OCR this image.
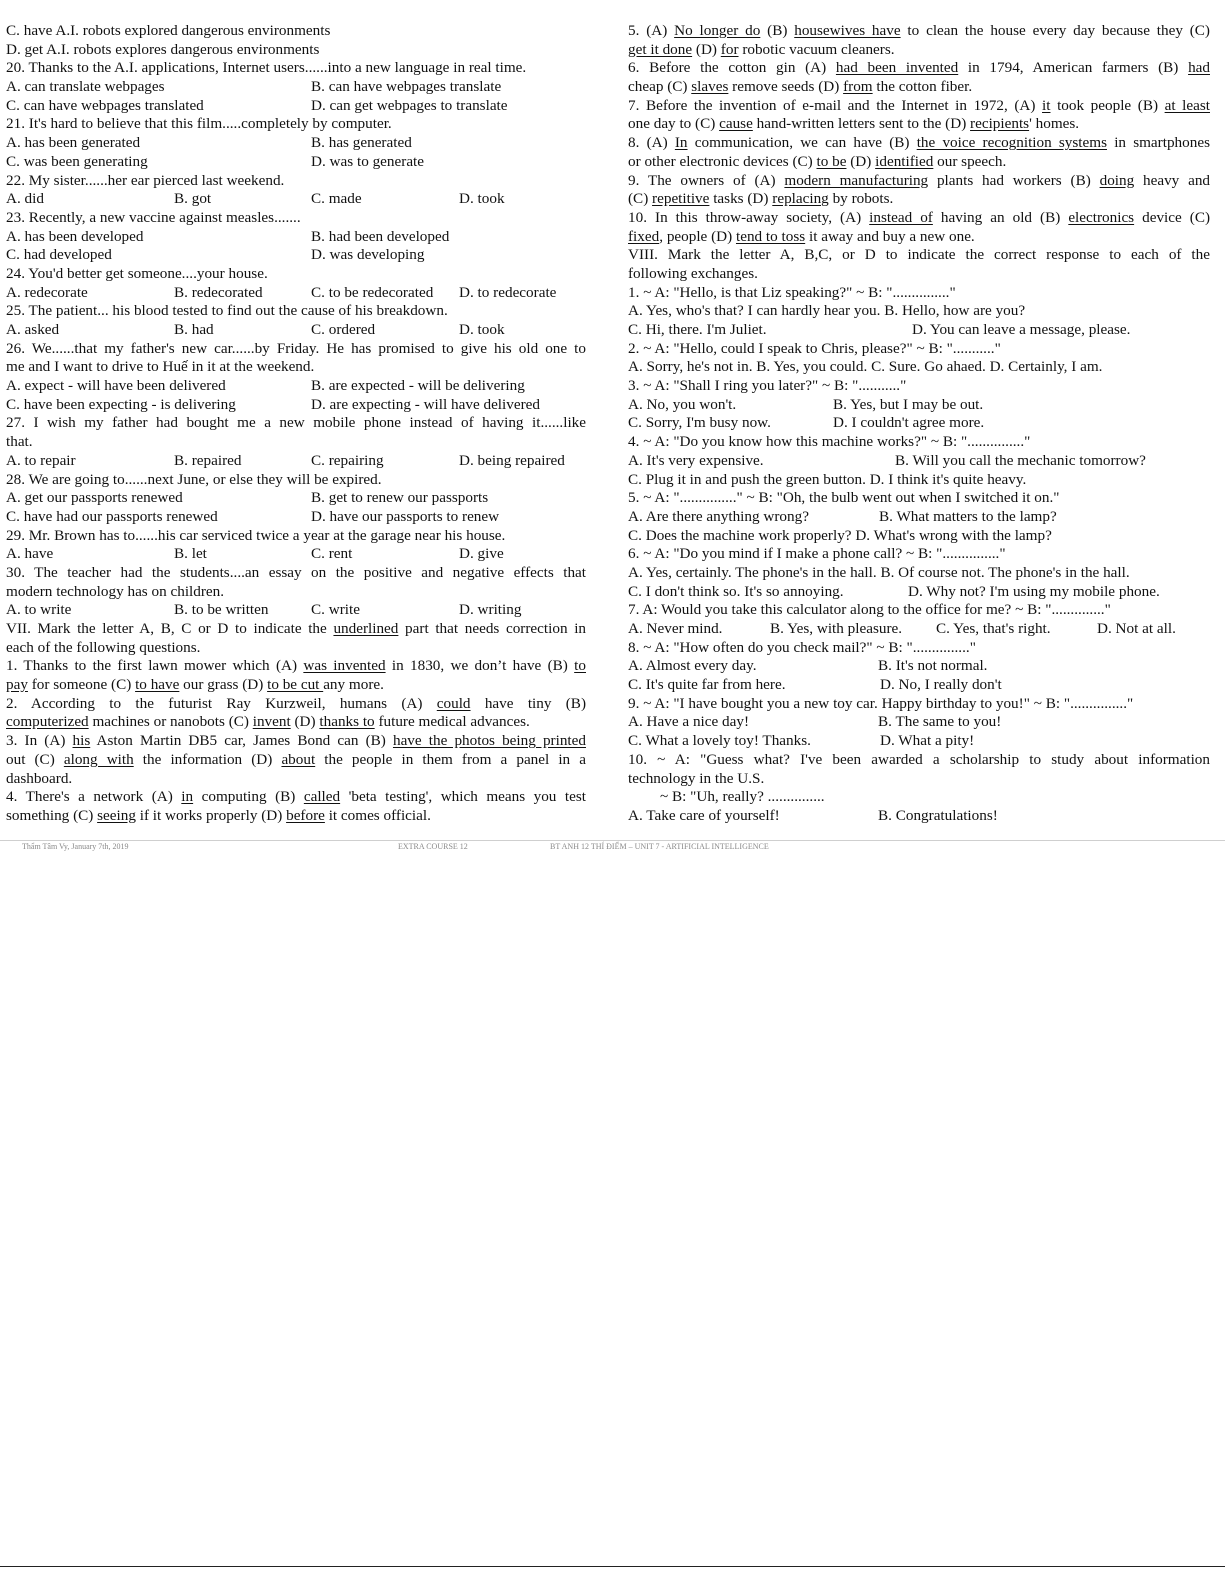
C. have A.I. robots explored dangerous environments
D. get A.I. robots explores dangerous environments
20. Thanks to the A.I. applications, Internet users......into a new language in real time.
A. can translate webpages	B. can have webpages translate
C. can have webpages translated	D. can get webpages to translate
21. It's hard to believe that this film.....completely by computer.
A. has been generated	B. has generated
C. was been generating	D. was to generate
22. My sister......her ear pierced last weekend.
A. did	B. got	C. made	D. took
23. Recently, a new vaccine against measles.......
A. has been developed	B. had been developed
C. had developed	D. was developing
24. You'd better get someone....your house.
A. redecorate	B. redecorated	C. to be redecorated D. to redecorate
25. The patient... his blood tested to find out the cause of his breakdown.
A. asked	B. had	C. ordered	D. took
26. We......that my father's new car......by Friday. He has promised to give his old one to
me and I want to drive to Huế in it at the weekend.
A. expect - will have been delivered	B. are expected - will be delivering
C. have been expecting - is delivering	D. are expecting - will have delivered
27. I wish my father had bought me a new mobile phone instead of having it......like
that.
A. to repair	B. repaired	C. repairing	D. being repaired
28. We are going to......next June, or else they will be expired.
A. get our passports renewed	B. get to renew our passports
C. have had our passports renewed	D. have our passports to renew
29. Mr. Brown has to......his car serviced twice a year at the garage near his house.
A. have	B. let	C. rent	D. give
30. The teacher had the students....an essay on the positive and negative effects that
modern technology has on children.
A. to write	B. to be written	C. write	D. writing
VII. Mark the letter A, B, C or D to indicate the underlined part that needs correction in
each of the following questions.
1. Thanks to the first lawn mower which (A) was invented in 1830, we don’t have (B) to
pay for someone (C) to have our grass (D) to be cut any more.
2. According to the futurist Ray Kurzweil, humans (A) could have tiny (B)
computerized machines or nanobots (C) invent (D) thanks to future medical advances.
3. In (A) his Aston Martin DB5 car, James Bond can (B) have the photos being printed
out (C) along with the information (D) about the people in them from a panel in a
dashboard.
4. There's a network (A) in computing (B) called 'beta testing', which means you test
something (C) seeing if it works properly (D) before it comes official.
5. (A) No longer do (B) housewives have to clean the house every day because they (C)
get it done (D) for robotic vacuum cleaners.
6. Before the cotton gin (A) had been invented in 1794, American farmers (B) had
cheap (C) slaves remove seeds (D) from the cotton fiber.
7. Before the invention of e-mail and the Internet in 1972, (A) it took people (B) at least
one day to (C) cause hand-written letters sent to the (D) recipients' homes.
8. (A) In communication, we can have (B) the voice recognition systems in smartphones
or other electronic devices (C) to be (D) identified our speech.
9. The owners of (A) modern manufacturing plants had workers (B) doing heavy and
(C) repetitive tasks (D) replacing by robots.
10. In this throw-away society, (A) instead of having an old (B) electronics device (C)
fixed, people (D) tend to toss it away and buy a new one.
VIII. Mark the letter A, B,C, or D to indicate the correct response to each of the
following exchanges.
1. ~ A: "Hello, is that Liz speaking?" ~ B: "..............."
A. Yes, who's that? I can hardly hear you. B. Hello, how are you?
C. Hi, there. I'm Juliet.	D. You can leave a message, please.
2. ~ A: "Hello, could I speak to Chris, please?" ~ B: "..........."
A. Sorry, he's not in. B. Yes, you could. C. Sure. Go ahaed. D. Certainly, I am.
3. ~ A: "Shall I ring you later?" ~ B: "..........."
A. No, you won't.	B. Yes, but I may be out.
C. Sorry, I'm busy now.	D. I couldn't agree more.
4. ~ A: "Do you know how this machine works?" ~ B: "..............."
A. It's very expensive.	B. Will you call the mechanic tomorrow?
C. Plug it in and push the green button. D. I think it's quite heavy.
5. ~ A: "..............." ~ B: "Oh, the bulb went out when I switched it on."
A. Are there anything wrong?	B. What matters to the lamp?
C. Does the machine work properly? D. What's wrong with the lamp?
6. ~ A: "Do you mind if I make a phone call? ~ B: "..............."
A. Yes, certainly. The phone's in the hall. B. Of course not. The phone's in the hall.
C. I don't think so. It's so annoying.	D. Why not? I'm using my mobile phone.
7. A: Would you take this calculator along to the office for me? ~ B: ".............."
A. Never mind.	B. Yes, with pleasure. C. Yes, that's right.	D. Not at all.
8. ~ A: "How often do you check mail?" ~ B: "..............."
A. Almost every day.	B. It's not normal.
C. It's quite far from here.	D. No, I really don't
9. ~ A: "I have bought you a new toy car. Happy birthday to you!" ~ B: "..............."
A. Have a nice day!	B. The same to you!
C. What a lovely toy! Thanks.	D. What a pity!
10. ~ A: "Guess what? I've been awarded a scholarship to study about information
technology in the U.S.
~ B: "Uh, really? ...............
A. Take care of yourself!	B. Congratulations!
Thẩm Tâm Vy, January 7th, 2019	EXTRA COURSE 12	BT ANH 12 THÍ ĐIỂM – UNIT 7 - ARTIFICIAL INTELLIGENCE
